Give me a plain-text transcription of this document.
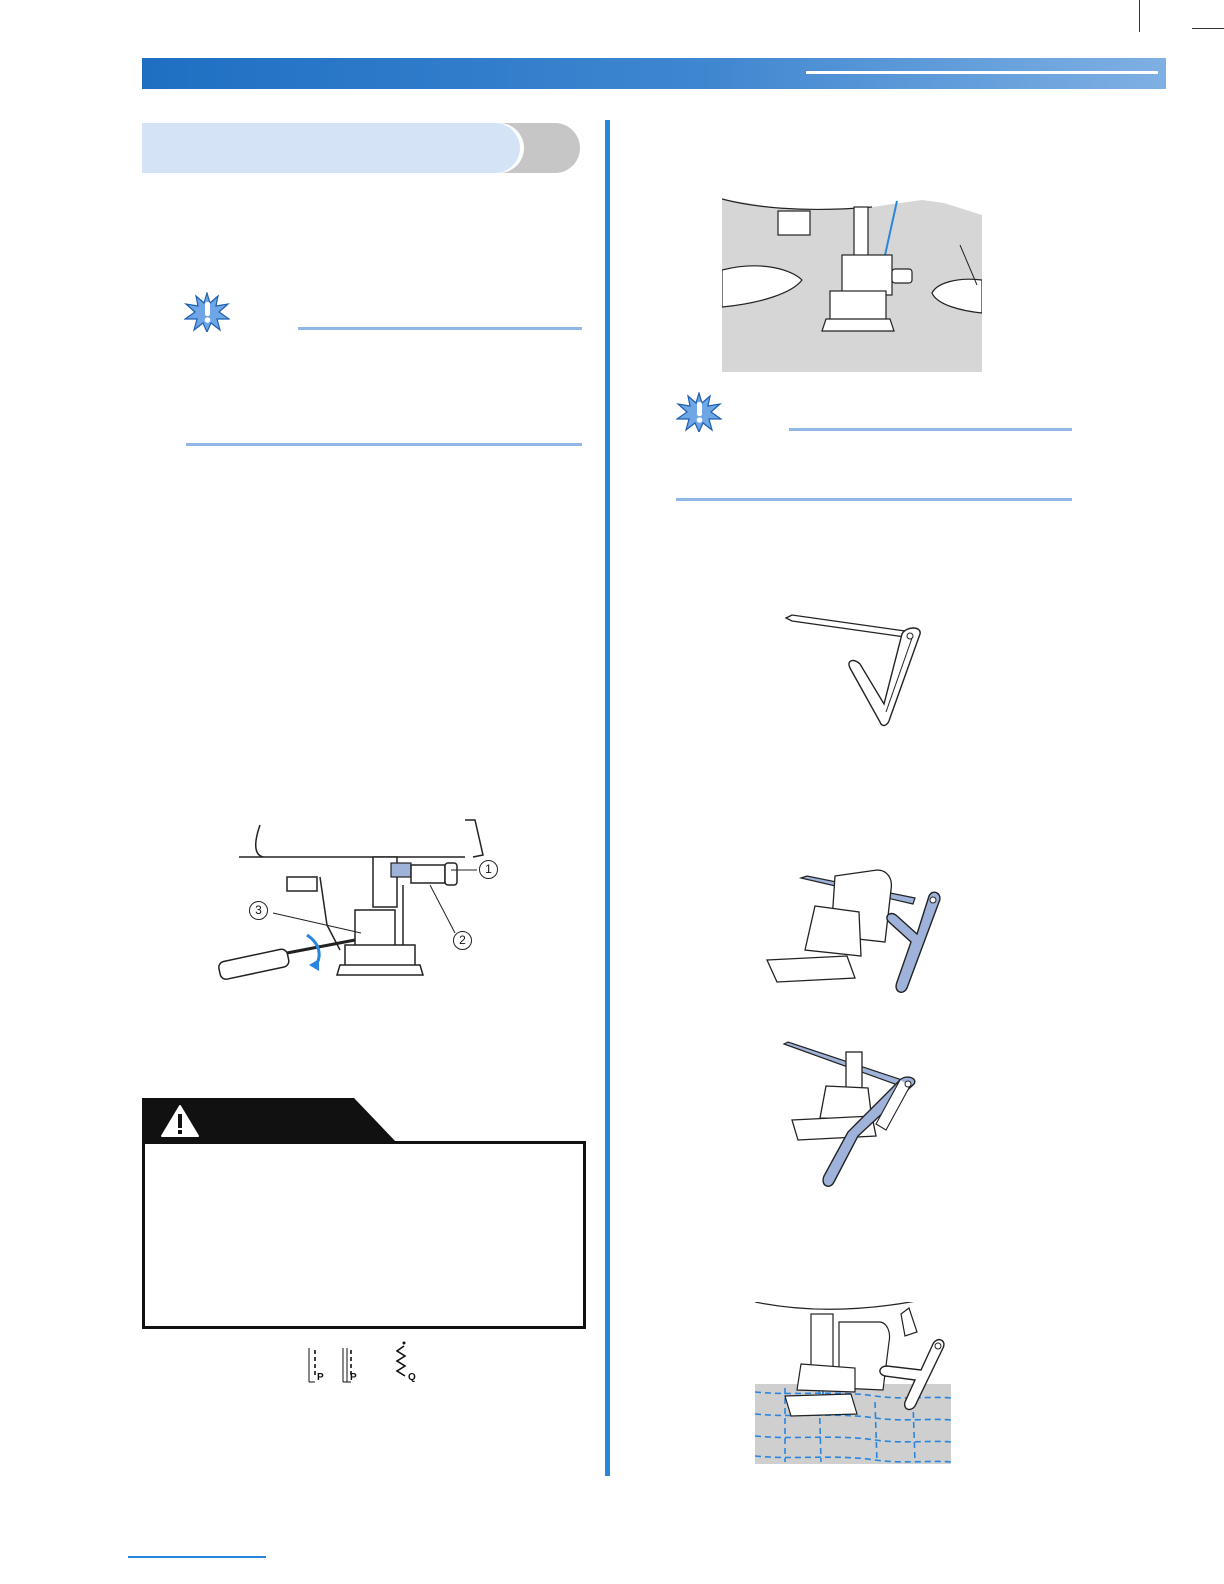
1
2
3
P	P	Q
